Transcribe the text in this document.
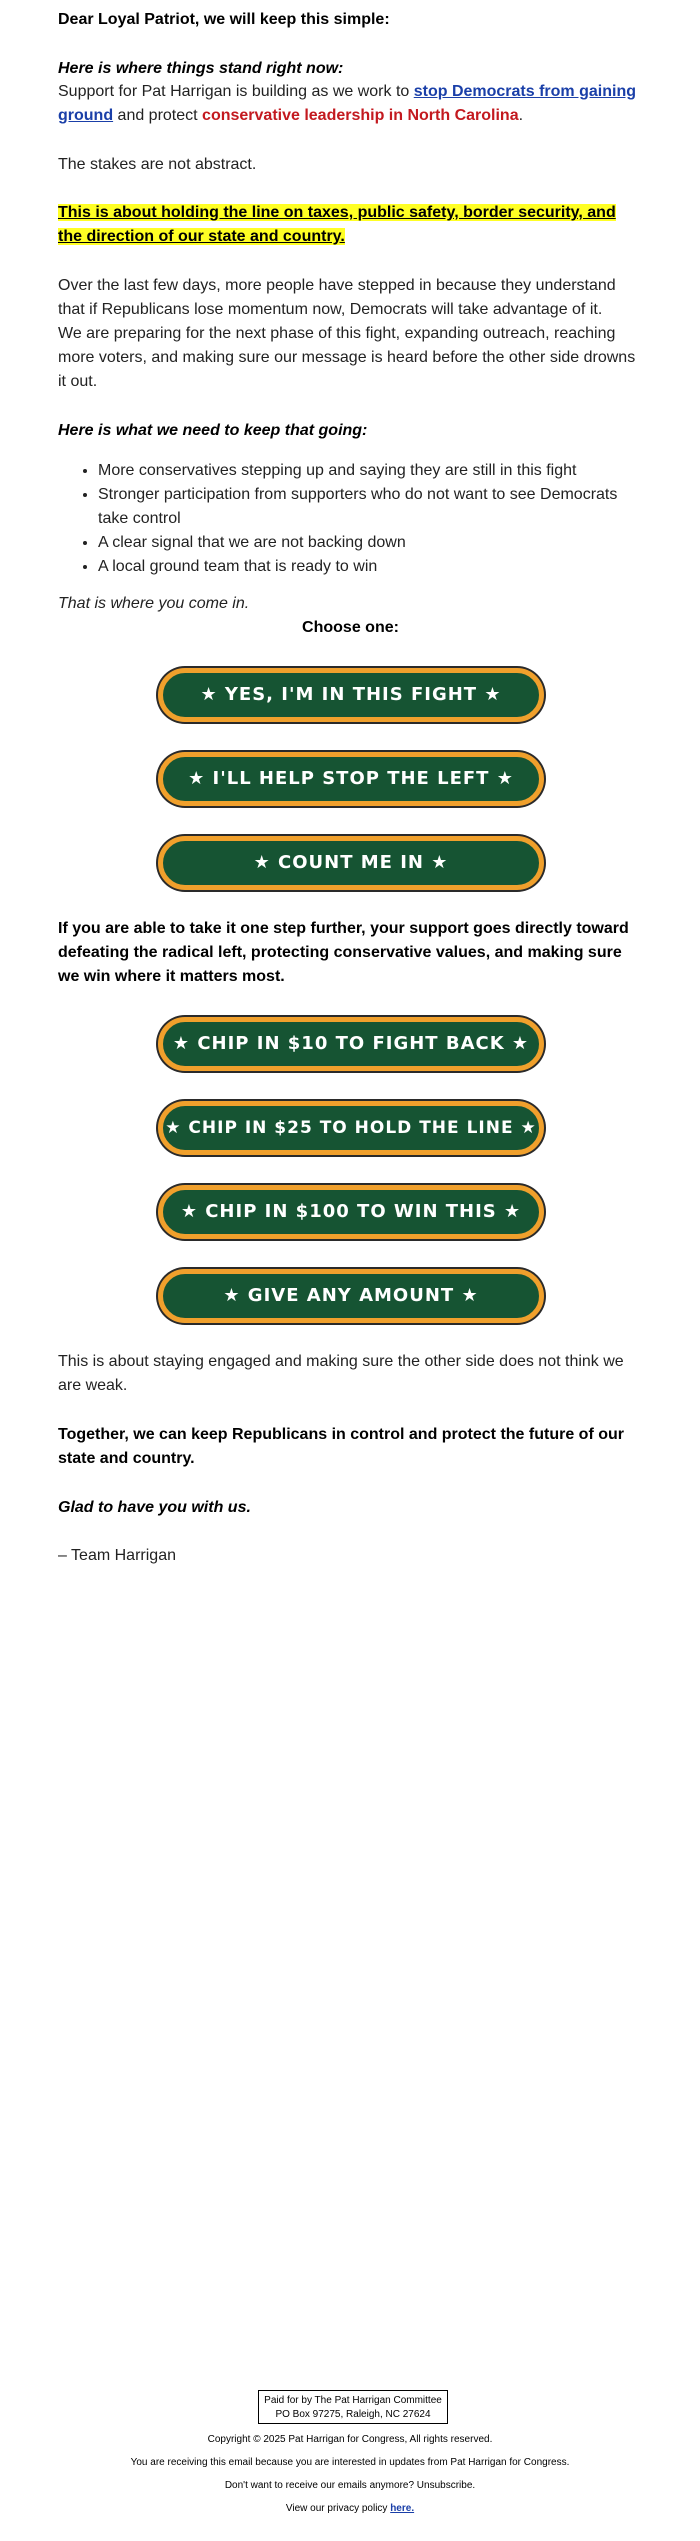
Dear Loyal Patriot, we will keep this simple:

Here is where things stand right now:

Support for Pat Harrigan is building as we work to stop Democrats from gaining ground and protect conservative leadership in North Carolina.

The stakes are not abstract.

This is about holding the line on taxes, public safety, border security, and the direction of our state and country.

Over the last few days, more people have stepped in because they understand that if Republicans lose momentum now, Democrats will take advantage of it.

We are preparing for the next phase of this fight, expanding outreach, reaching more voters, and making sure our message is heard before the other side drowns it out.

Here is what we need to keep that going:

• More conservatives stepping up and saying they are still in this fight
• Stronger participation from supporters who do not want to see Democrats take control
• A clear signal that we are not backing down
• A local ground team that is ready to win

That is where you come in.

Choose one:

If you are able to take it one step further, your support goes directly toward defeating the radical left, protecting conservative values, and making sure we win where it matters most.

This is about staying engaged and making sure the other side does not think we are weak.

Together, we can keep Republicans in control and protect the future of our state and country.

Glad to have you with us.

– Team Harrigan

★ YES, I'M IN THIS FIGHT ★
★ I'LL HELP STOP THE LEFT ★
★ COUNT ME IN ★
★ CHIP IN $10 TO FIGHT BACK ★
★ CHIP IN $25 TO HOLD THE LINE ★
★ CHIP IN $100 TO WIN THIS ★
★ GIVE ANY AMOUNT ★
Paid for by The Pat Harrigan Committee
PO Box 97275, Raleigh, NC 27624
Copyright © 2025 Pat Harrigan for Congress, All rights reserved.
You are receiving this email because you are interested in updates from Pat Harrigan for Congress.
Don't want to receive our emails anymore? Unsubscribe.
View our privacy policy here.
